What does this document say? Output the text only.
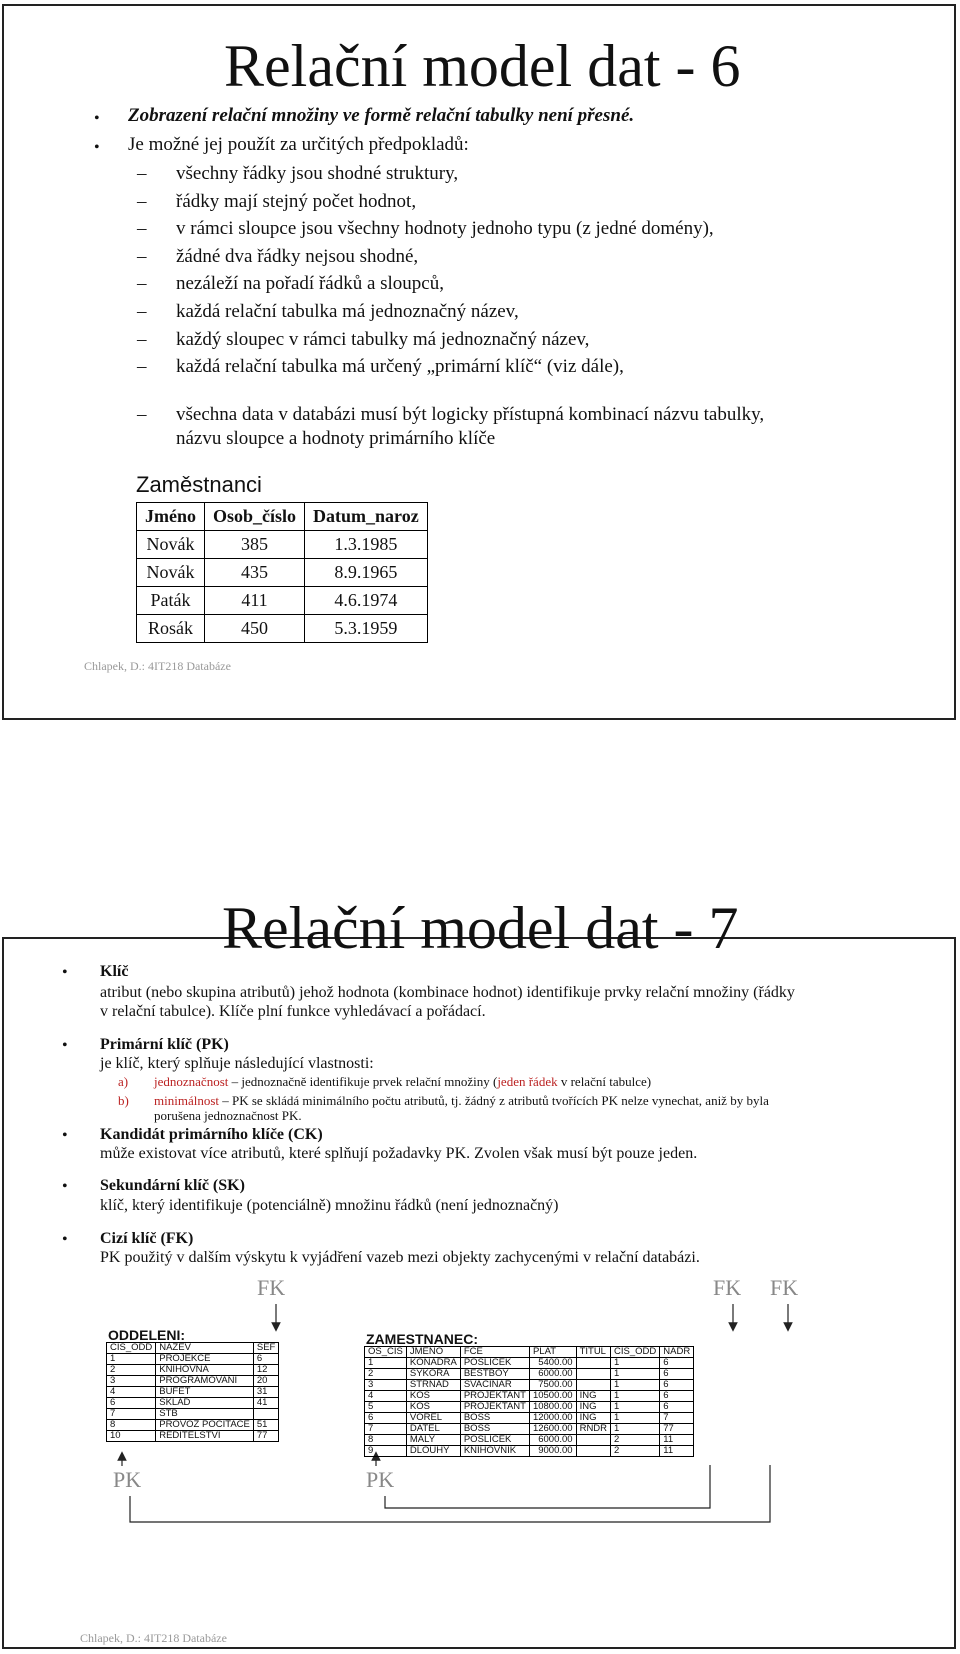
Relační model dat - 6
• Zobrazení relační množiny ve formě relační tabulky není přesné.
• Je možné jej použít za určitých předpokladů:
– všechny řádky jsou shodné struktury,
– řádky mají stejný počet hodnot,
– v rámci sloupce jsou všechny hodnoty jednoho typu (z jedné domény),
– žádné dva řádky nejsou shodné,
– nezáleží na pořadí řádků a sloupců,
– každá relační tabulka má jednoznačný název,
– každý sloupec v rámci tabulky má jednoznačný název,
– každá relační tabulka má určený „primární klíč“ (viz dále),
– všechna data v databázi musí být logicky přístupná kombinací názvu tabulky,
názvu sloupce a hodnoty primárního klíče
Zaměstnanci
Jméno	Osob_číslo	Datum_naroz
Novák	385	1.3.1985
Novák	435	8.9.1965
Paták	411	4.6.1974
Rosák	450	5.3.1959
Chlapek, D.: 4IT218 Databáze
Relační model dat - 7
• Klíč
atribut (nebo skupina atributů) jehož hodnota (kombinace hodnot) identifikuje prvky relační množiny (řádky
v relační tabulce). Klíče plní funkce vyhledávací a pořádací.
• Primární klíč (PK)
je klíč, který splňuje následující vlastnosti:
a) jednoznačnost – jednoznačně identifikuje prvek relační množiny (jeden řádek v relační tabulce)
b) minimálnost – PK se skládá minimálního počtu atributů, tj. žádný z atributů tvořících PK nelze vynechat, aniž by byla
porušena jednoznačnost PK.
• Kandidát primárního klíče (CK)
může existovat více atributů, které splňují požadavky PK. Zvolen však musí být pouze jeden.
• Sekundární klíč (SK)
klíč, který identifikuje (potenciálně) množinu řádků (není jednoznačný)
• Cizí klíč (FK)
PK použitý v dalším výskytu k vyjádření vazeb mezi objekty zachycenými v relační databázi.
FK	FK FK
PK	PK
ODDELENI:
CIS_ODD	NAZEV	SEF
1	PROJEKCE	6
2	KNIHOVNA	12
3	PROGRAMOVANI	20
4	BUFET	31
6	SKLAD	41
7	STB	
8	PROVOZ POCITACE	51
10	REDITELSTVI	77
ZAMESTNANEC:
OS_CIS	JMENO	FCE	PLAT	TITUL	CIS_ODD	NADR
1	KONADRA	POSLICEK	5400.00		1	6
2	SYKORA	BESTBOY	6000.00		1	6
3	STRNAD	SVACINAR	7500.00		1	6
4	KOS	PROJEKTANT	10500.00	ING	1	6
5	KOS	PROJEKTANT	10800.00	ING	1	6
6	VOREL	BOSS	12000.00	ING	1	7
7	DATEL	BOSS	12600.00	RNDR	1	77
8	MALY	POSLICEK	6000.00		2	11
9	DLOUHY	KNIHOVNIK	9000.00		2	11
Chlapek, D.: 4IT218 Databáze
